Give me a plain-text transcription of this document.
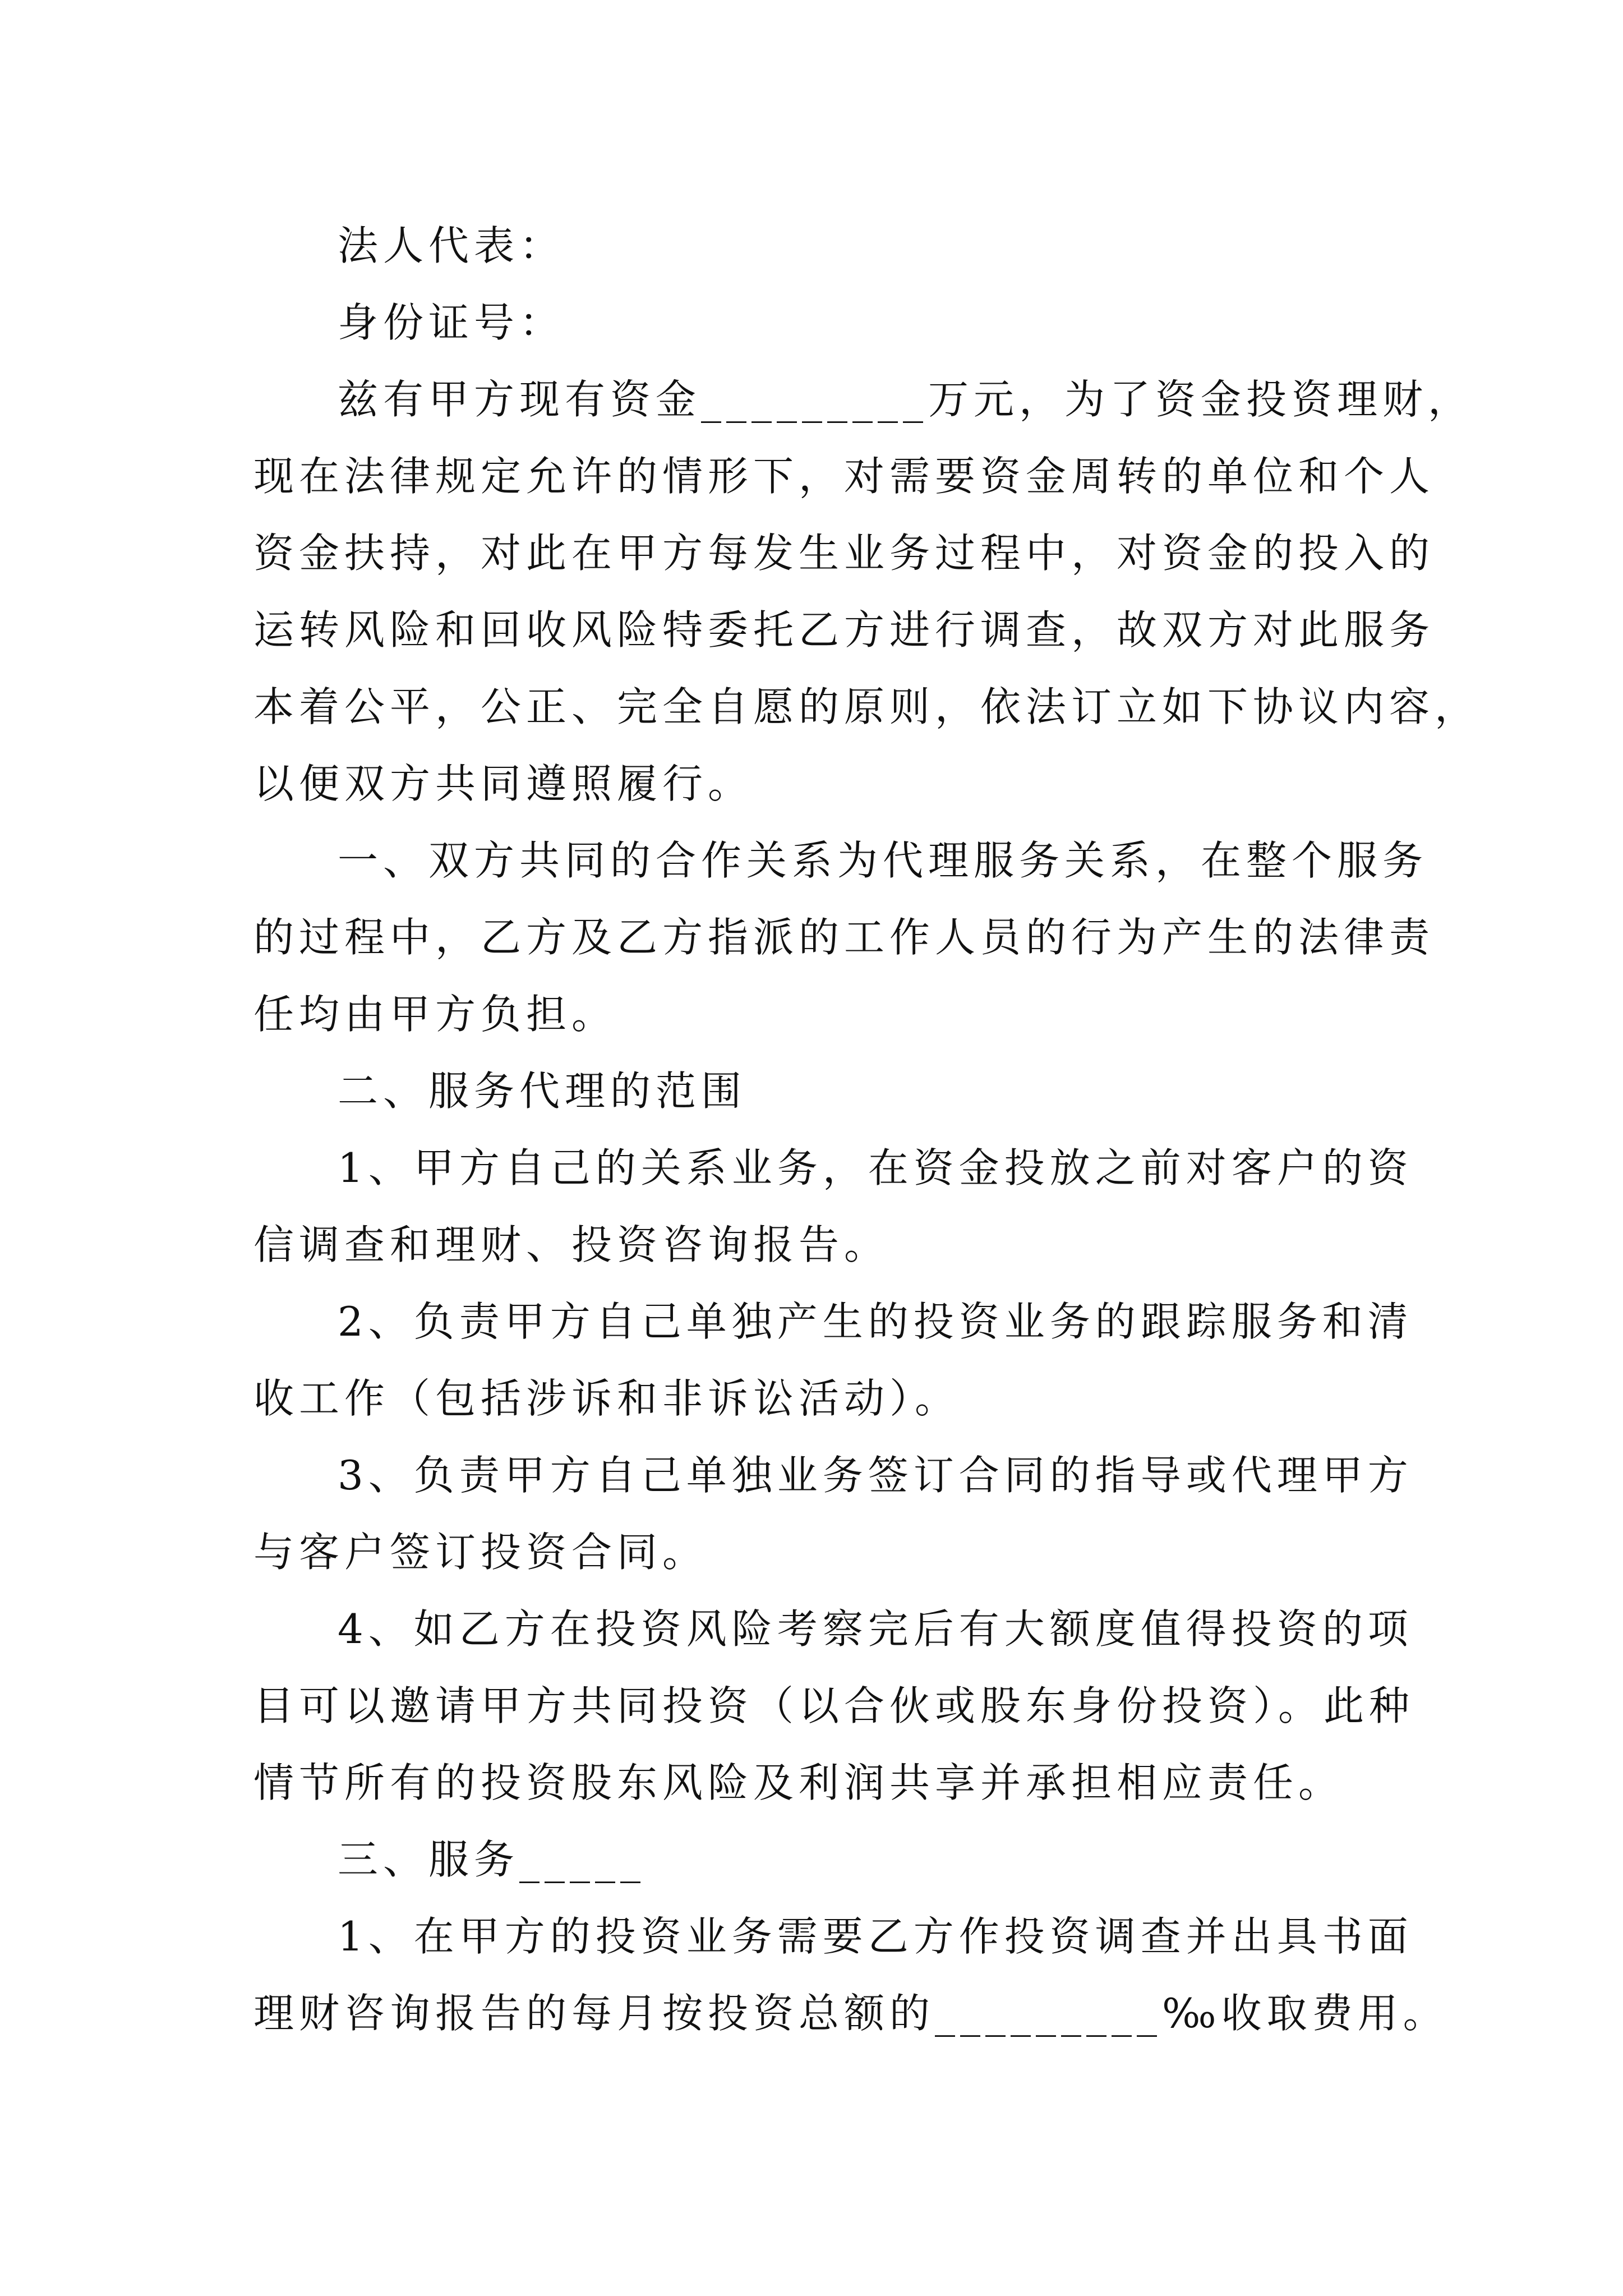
法人代表：
身份证号：
兹有甲方现有资金_________万元，为了资金投资理财，
现在法律规定允许的情形下，对需要资金周转的单位和个人
资金扶持，对此在甲方每发生业务过程中，对资金的投入的
运转风险和回收风险特委托乙方进行调查，故双方对此服务
本着公平，公正、完全自愿的原则，依法订立如下协议内容，
以便双方共同遵照履行。
一、双方共同的合作关系为代理服务关系，在整个服务
的过程中，乙方及乙方指派的工作人员的行为产生的法律责
任均由甲方负担。
二、服务代理的范围
1、甲方自己的关系业务，在资金投放之前对客户的资
信调查和理财、投资咨询报告。
2、负责甲方自己单独产生的投资业务的跟踪服务和清
收工作（包括涉诉和非诉讼活动）。
3、负责甲方自己单独业务签订合同的指导或代理甲方
与客户签订投资合同。
4、如乙方在投资风险考察完后有大额度值得投资的项
目可以邀请甲方共同投资（以合伙或股东身份投资）。此种
情节所有的投资股东风险及利润共享并承担相应责任。
三、服务_____
1、在甲方的投资业务需要乙方作投资调查并出具书面
理财咨询报告的每月按投资总额的_________‰收取费用。
